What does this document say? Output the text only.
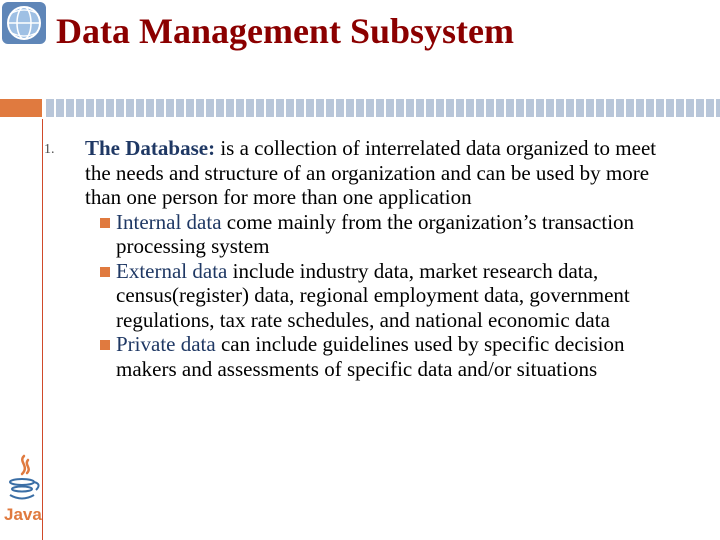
Data Management Subsystem
1. The Database: is a collection of interrelated data organized to meet the needs and structure of an organization and can be used by more than one person for more than one application
Internal data come mainly from the organization’s transaction processing system
External data include industry data, market research data, census(register) data, regional employment data, government regulations, tax rate schedules, and national economic data
Private data can include guidelines used by specific decision makers and assessments of specific data and/or situations
Java
